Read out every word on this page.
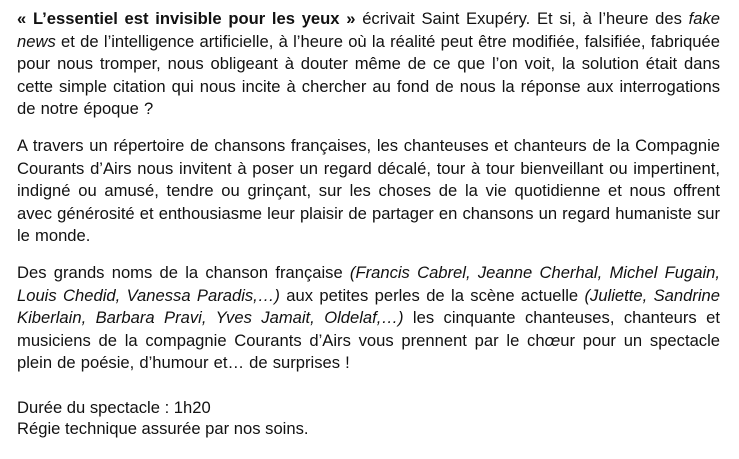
« L’essentiel est invisible pour les yeux » écrivait Saint Exupéry. Et si, à l’heure des fake news et de l’intelligence artificielle, à l’heure où la réalité peut être modifiée, falsifiée, fabriquée pour nous tromper, nous obligeant à douter même de ce que l’on voit, la solution était dans cette simple citation qui nous incite à chercher au fond de nous la réponse aux interrogations de notre époque ?

A travers un répertoire de chansons françaises, les chanteuses et chanteurs de la Compagnie Courants d’Airs nous invitent à poser un regard décalé, tour à tour bienveillant ou impertinent, indigné ou amusé, tendre ou grinçant, sur les choses de la vie quotidienne et nous offrent avec générosité et enthousiasme leur plaisir de partager en chansons un regard humaniste sur le monde.

Des grands noms de la chanson française (Francis Cabrel, Jeanne Cherhal, Michel Fugain, Louis Chedid, Vanessa Paradis,…) aux petites perles de la scène actuelle (Juliette, Sandrine Kiberlain, Barbara Pravi, Yves Jamait, Oldelaf,…) les cinquante chanteuses, chanteurs et musiciens de la compagnie Courants d’Airs vous prennent par le chœur pour un spectacle plein de poésie, d’humour et… de surprises !

Durée du spectacle : 1h20
Régie technique assurée par nos soins.
